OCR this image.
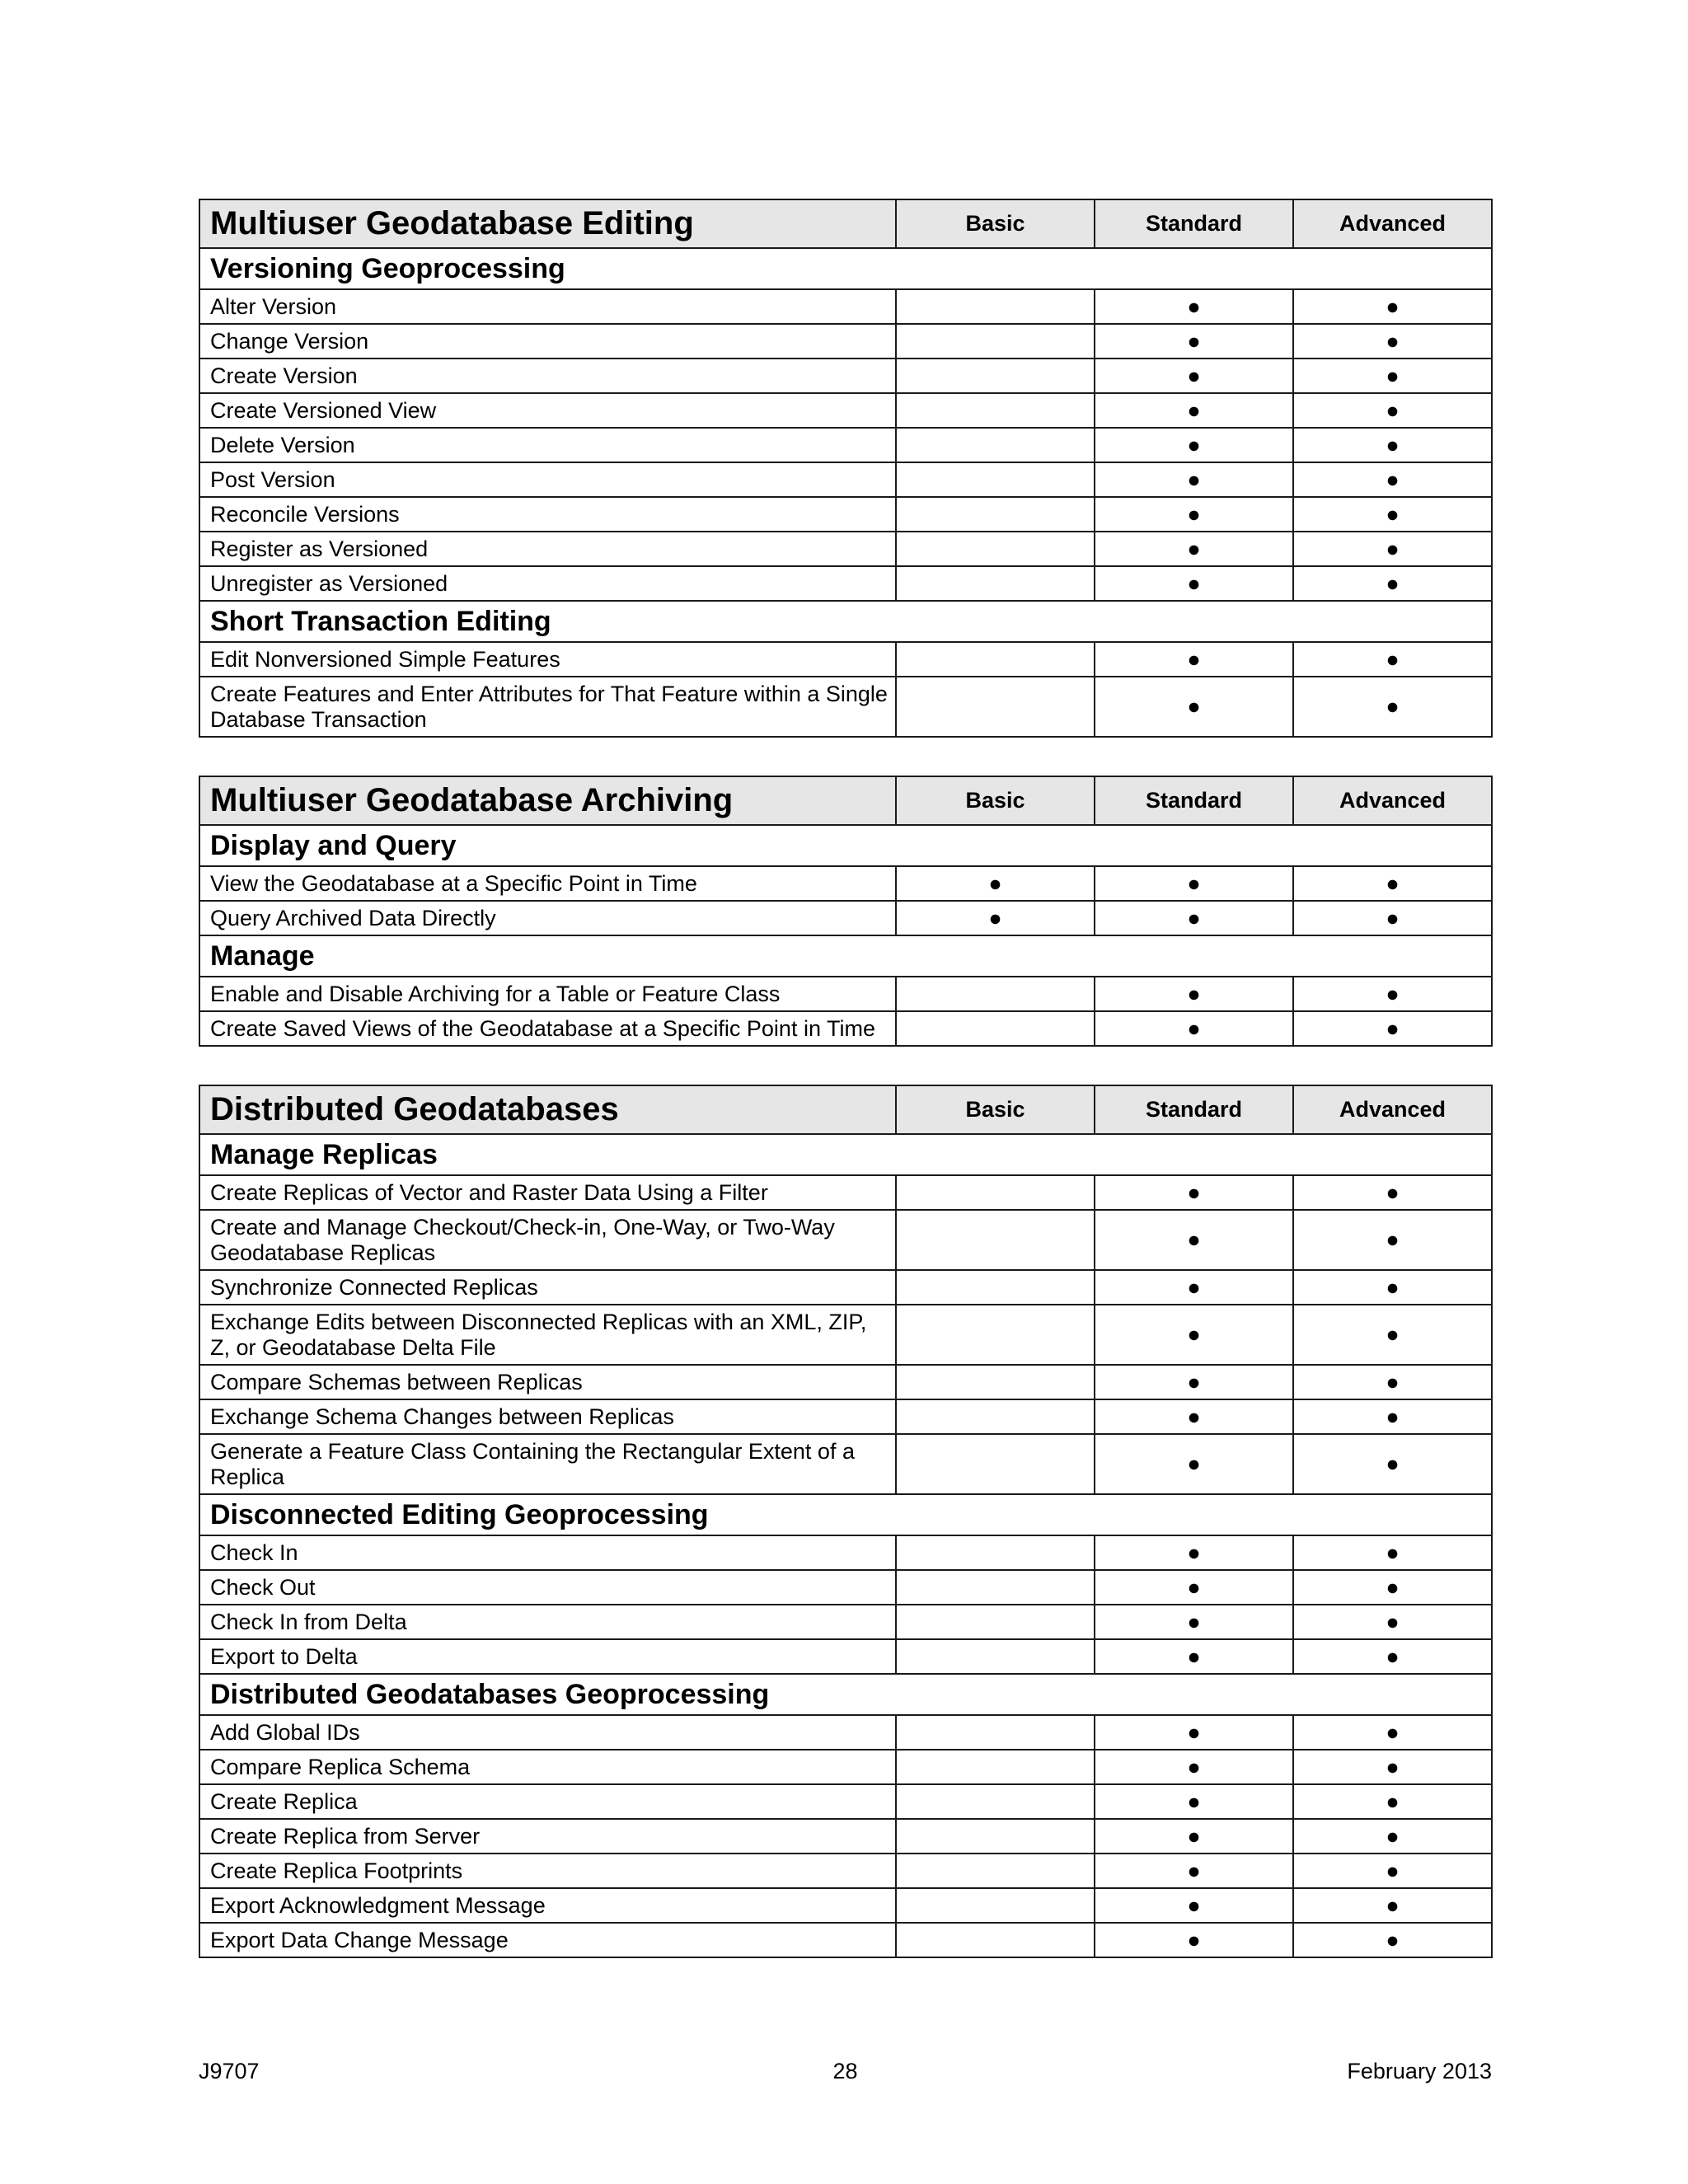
Multiuser Geodatabase Editing	Basic	Standard	Advanced
Versioning Geoprocessing			
Alter Version		●	●
Change Version		●	●
Create Version		●	●
Create Versioned View		●	●
Delete Version		●	●
Post Version		●	●
Reconcile Versions		●	●
Register as Versioned		●	●
Unregister as Versioned		●	●
Short Transaction Editing			
Edit Nonversioned Simple Features		●	●
Create Features and Enter Attributes for That Feature within a Single Database Transaction		●	●
Multiuser Geodatabase Archiving	Basic	Standard	Advanced
Display and Query			
View the Geodatabase at a Specific Point in Time	●	●	●
Query Archived Data Directly	●	●	●
Manage			
Enable and Disable Archiving for a Table or Feature Class		●	●
Create Saved Views of the Geodatabase at a Specific Point in Time		●	●
Distributed Geodatabases	Basic	Standard	Advanced
Manage Replicas			
Create Replicas of Vector and Raster Data Using a Filter		●	●
Create and Manage Checkout/Check-in, One-Way, or Two-Way Geodatabase Replicas		●	●
Synchronize Connected Replicas		●	●
Exchange Edits between Disconnected Replicas with an XML, ZIP, Z, or Geodatabase Delta File		●	●
Compare Schemas between Replicas		●	●
Exchange Schema Changes between Replicas		●	●
Generate a Feature Class Containing the Rectangular Extent of a Replica		●	●
Disconnected Editing Geoprocessing			
Check In		●	●
Check Out		●	●
Check In from Delta		●	●
Export to Delta		●	●
Distributed Geodatabases Geoprocessing			
Add Global IDs		●	●
Compare Replica Schema		●	●
Create Replica		●	●
Create Replica from Server		●	●
Create Replica Footprints		●	●
Export Acknowledgment Message		●	●
Export Data Change Message		●	●
J9707	28	February 2013
